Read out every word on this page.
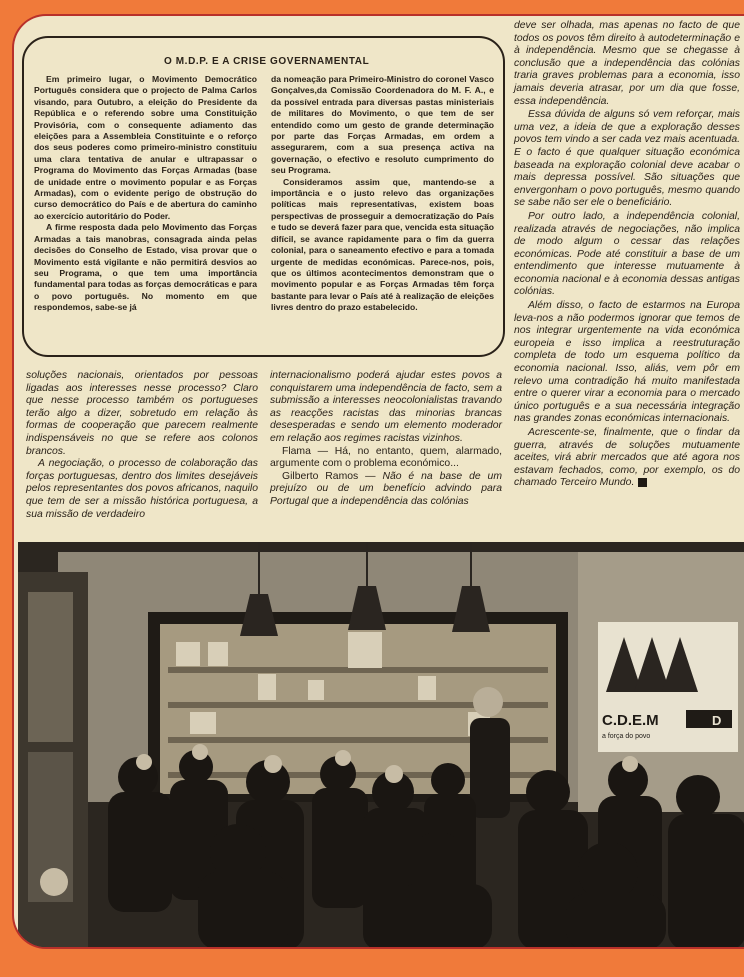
O M.D.P. E A CRISE GOVERNAMENTAL

Em primeiro lugar, o Movimento Democrático Português considera que o projecto de Palma Carlos visando, para Outubro, a eleição do Presidente da República e o referendo sobre uma Constituição Provisória, com o consequente adiamento das eleições para a Assembleia Constituinte e o reforço dos seus poderes como primeiro-ministro constituiu uma clara tentativa de anular e ultrapassar o Programa do Movimento das Forças Armadas (base de unidade entre o movimento popular e as Forças Armadas), com o evidente perigo de obstrução do curso democrático do País e de abertura do caminho ao exercício autoritário do Poder.

A firme resposta dada pelo Movimento das Forças Armadas a tais manobras, consagrada ainda pelas decisões do Conselho de Estado, visa provar que o Movimento está vigilante e não permitirá desvios ao seu Programa, o que tem uma importância fundamental para todas as forças democráticas e para o povo português. No momento em que respondemos, sabe-se já

da nomeação para Primeiro-Ministro do coronel Vasco Gonçalves,da Comissão Coordenadora do M. F. A., e da possível entrada para diversas pastas ministeriais de militares do Movimento, o que tem de ser entendido como um gesto de grande determinação por parte das Forças Armadas, em ordem a assegurarem, com a sua presença activa na governação, o efectivo e resoluto cumprimento do seu Programa.

Consideramos assim que, mantendo-se a importância e o justo relevo das organizações políticas mais representativas, existem boas perspectivas de prosseguir a democratização do País e tudo se deverá fazer para que, vencida esta situação difícil, se avance rapidamente para o fim da guerra colonial, para o saneamento efectivo e para a tomada urgente de medidas económicas. Parece-nos, pois, que os últimos acontecimentos demonstram que o movimento popular e as Forças Armadas têm força bastante para levar o País até à realização de eleições livres dentro do prazo estabelecido.

deve ser olhada, mas apenas no facto de que todos os povos têm direito à autodeterminação e à independência. Mesmo que se chegasse à conclusão que a independência das colónias traria graves problemas para a economia, isso jamais deveria atrasar, por um dia que fosse, essa independência.

Essa dúvida de alguns só vem reforçar, mais uma vez, a ideia de que a exploração desses povos tem vindo a ser cada vez mais acentuada. E o facto é que qualquer situação económica baseada na exploração colonial deve acabar o mais depressa possível. São situações que envergonham o povo português, mesmo quando se sabe não ser ele o beneficiário.

Por outro lado, a independência colonial, realizada através de negociações, não implica de modo algum o cessar das relações económicas. Pode até constituir a base de um entendimento que interesse mutuamente à economia nacional e à economia dessas antigas colónias.

Além disso, o facto de estarmos na Europa leva-nos a não podermos ignorar que temos de nos integrar urgentemente na vida económica europeia e isso implica a reestruturação completa de todo um esquema político da economia nacional. Isso, aliás, vem pôr em relevo uma contradição há muito manifestada entre o querer virar a economia para o mercado único português e a sua necessária integração nas grandes zonas económicas internacionais.

Acrescente-se, finalmente, que o findar da guerra, através de soluções mutuamente aceites, virá abrir mercados que até agora nos estavam fechados, como, por exemplo, os do chamado Terceiro Mundo.

soluções nacionais, orientados por pessoas ligadas aos interesses nesse processo? Claro que nesse processo também os portugueses terão algo a dizer, sobretudo em relação às formas de cooperação que parecem realmente indispensáveis no que se refere aos colonos brancos.

A negociação, o processo de colaboração das forças portuguesas, dentro dos limites desejáveis pelos representantes dos povos africanos, naquilo que tem de ser a missão histórica portuguesa, a sua missão de verdadeiro

internacionalismo poderá ajudar estes povos a conquistarem uma independência de facto, sem a submissão a interesses neocolonialistas travando as reacções racistas das minorias brancas desesperadas e sendo um elemento moderador em relação aos regimes racistas vizinhos.

Flama — Há, no entanto, quem, alarmado, argumente com o problema económico...

Gilberto Ramos — Não é na base de um prejuízo ou de um benefício advindo para Portugal que a independência das colónias

C.D.E.M	D
a força do povo
